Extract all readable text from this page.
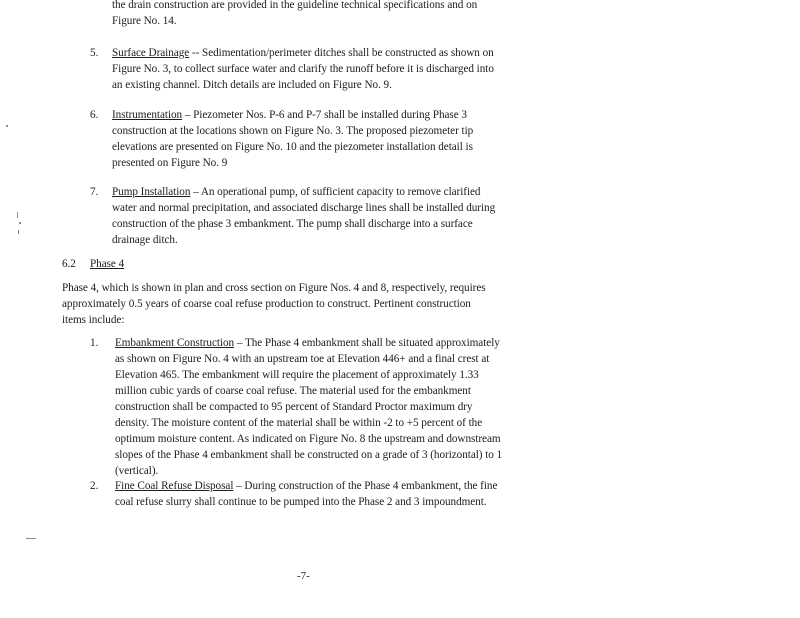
the drain construction are provided in the guideline technical specifications and on
Figure No. 14.
5. Surface Drainage -- Sedimentation/perimeter ditches shall be constructed as shown on
Figure No. 3, to collect surface water and clarify the runoff before it is discharged into
an existing channel. Ditch details are included on Figure No. 9.
6. Instrumentation – Piezometer Nos. P-6 and P-7 shall be installed during Phase 3
construction at the locations shown on Figure No. 3. The proposed piezometer tip
elevations are presented on Figure No. 10 and the piezometer installation detail is
presented on Figure No. 9
7. Pump Installation – An operational pump, of sufficient capacity to remove clarified
water and normal precipitation, and associated discharge lines shall be installed during
construction of the phase 3 embankment. The pump shall discharge into a surface
drainage ditch.
6.2 Phase 4
Phase 4, which is shown in plan and cross section on Figure Nos. 4 and 8, respectively, requires
approximately 0.5 years of coarse coal refuse production to construct. Pertinent construction
items include:
1. Embankment Construction – The Phase 4 embankment shall be situated approximately
as shown on Figure No. 4 with an upstream toe at Elevation 446+ and a final crest at
Elevation 465. The embankment will require the placement of approximately 1.33
million cubic yards of coarse coal refuse. The material used for the embankment
construction shall be compacted to 95 percent of Standard Proctor maximum dry
density. The moisture content of the material shall be within -2 to +5 percent of the
optimum moisture content. As indicated on Figure No. 8 the upstream and downstream
slopes of the Phase 4 embankment shall be constructed on a grade of 3 (horizontal) to 1
(vertical).
2. Fine Coal Refuse Disposal – During construction of the Phase 4 embankment, the fine
coal refuse slurry shall continue to be pumped into the Phase 2 and 3 impoundment.
-7-
